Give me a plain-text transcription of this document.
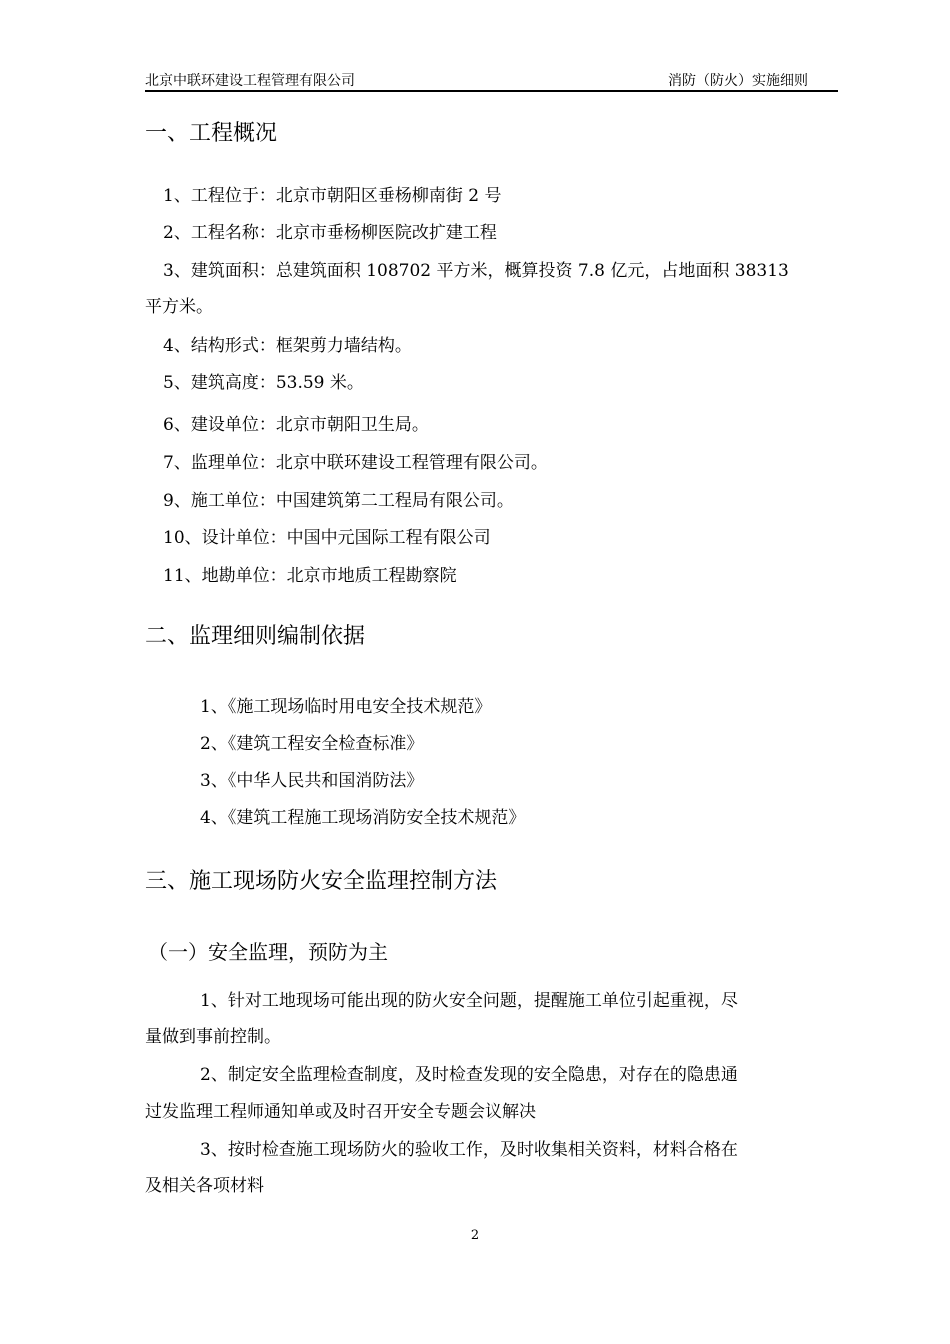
北京中联环建设工程管理有限公司	消防（防火）实施细则
一、工程概况
1、工程位于：北京市朝阳区垂杨柳南街 2 号
2、工程名称：北京市垂杨柳医院改扩建工程
3、建筑面积：总建筑面积 108702 平方米，概算投资 7.8 亿元，占地面积 38313
平方米。
4、结构形式：框架剪力墙结构。
5、建筑高度：53.59 米。
6、建设单位：北京市朝阳卫生局。
7、监理单位：北京中联环建设工程管理有限公司。
9、施工单位：中国建筑第二工程局有限公司。
10、设计单位：中国中元国际工程有限公司
11、地勘单位：北京市地质工程勘察院
二、监理细则编制依据
1、《施工现场临时用电安全技术规范》
2、《建筑工程安全检查标准》
3、《中华人民共和国消防法》
4、《建筑工程施工现场消防安全技术规范》
三、施工现场防火安全监理控制方法
（一）安全监理，预防为主
1、针对工地现场可能出现的防火安全问题，提醒施工单位引起重视，尽
量做到事前控制。
2、制定安全监理检查制度，及时检查发现的安全隐患，对存在的隐患通
过发监理工程师通知单或及时召开安全专题会议解决
3、按时检查施工现场防火的验收工作，及时收集相关资料，材料合格在
及相关各项材料
2
